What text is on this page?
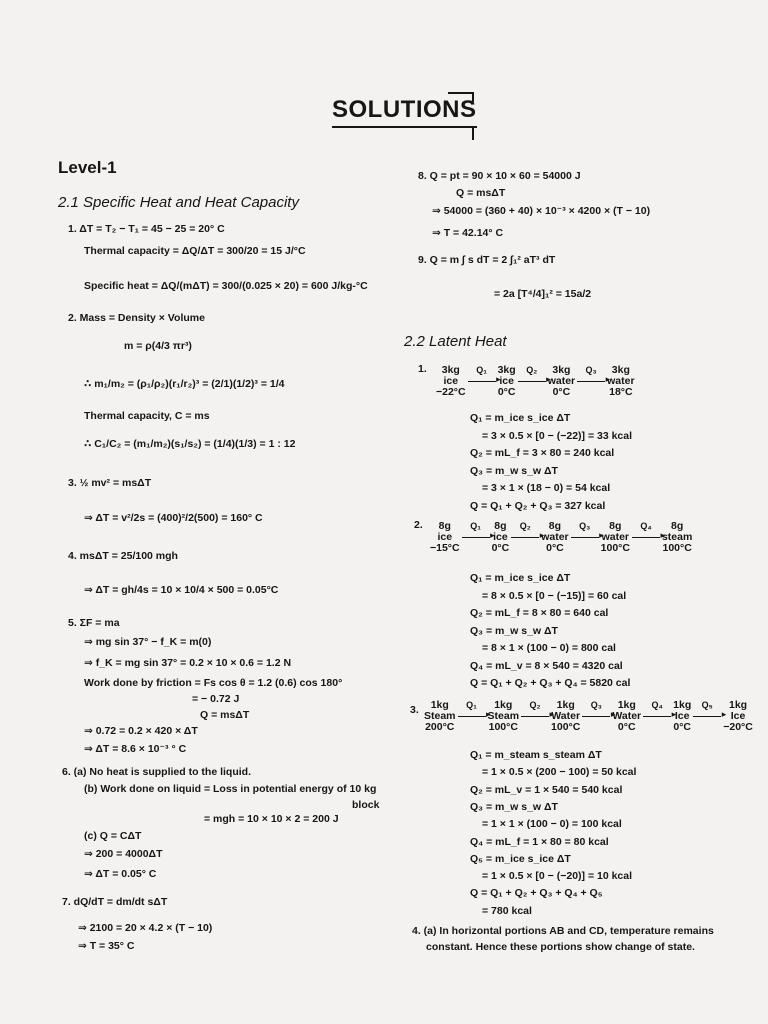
SOLUTIONS
Level-1
2.1 Specific Heat and Heat Capacity
1. ΔT = T₂ − T₁ = 45 − 25 = 20° C
Thermal capacity = ΔQ/ΔT = 300/20 = 15 J/°C
Specific heat = ΔQ/(mΔT) = 300/(0.025 × 20) = 600 J/kg-°C
2. Mass = Density × Volume
m = ρ(4/3 πr³)
∴ m₁/m₂ = (ρ₁/ρ₂)(r₁/r₂)³ = (2/1)(1/2)³ = 1/4
Thermal capacity, C = ms
∴ C₁/C₂ = (m₁/m₂)(s₁/s₂) = (1/4)(1/3) = 1 : 12
3. ½ mv² = msΔT
⇒ ΔT = v²/2s = (400)²/2(500) = 160° C
4. msΔT = 25/100 mgh
⇒ ΔT = gh/4s = 10 × 10/4 × 500 = 0.05°C
5. ΣF = ma
⇒ mg sin 37° − f_K = m(0)
⇒ f_K = mg sin 37° = 0.2 × 10 × 0.6 = 1.2 N
Work done by friction = Fs cos θ = 1.2 (0.6) cos 180°
= − 0.72 J
Q = msΔT
⇒ 0.72 = 0.2 × 420 × ΔT
⇒ ΔT = 8.6 × 10⁻³ ° C
6. (a) No heat is supplied to the liquid.
(b) Work done on liquid = Loss in potential energy of 10 kg
block
= mgh = 10 × 10 × 2 = 200 J
(c) Q = CΔT
⇒ 200 = 4000ΔT
⇒ ΔT = 0.05° C
7. dQ/dT = dm/dt sΔT
⇒ 2100 = 20 × 4.2 × (T − 10)
⇒ T = 35° C
8. Q = pt = 90 × 10 × 60 = 54000 J
Q = msΔT
⇒ 54000 = (360 + 40) × 10⁻³ × 4200 × (T − 10)
⇒ T = 42.14° C
9. Q = m ∫ s dT = 2 ∫₁² aT³ dT
= 2a [T⁴/4]₁² = 15a/2
2.2 Latent Heat
1.	3kg
ice
−22°C
Q₁
▸ 3kg
ice
0°C
Q₂
▸	3kg
water
0°C
Q₃
▸	3kg
water
18°C
Q₁ = m_ice s_ice ΔT
= 3 × 0.5 × [0 − (−22)] = 33 kcal
Q₂ = mL_f = 3 × 80 = 240 kcal
Q₃ = m_w s_w ΔT
= 3 × 1 × (18 − 0) = 54 kcal
Q = Q₁ + Q₂ + Q₃ = 327 kcal
2.	8g
ice
−15°C
Q₁
▸ 8g
ice
0°C
Q₂
▸	8g
water
0°C
Q₃
▸	8g
water
100°C
Q₄
▸	8g
steam
100°C
Q₁ = m_ice s_ice ΔT
= 8 × 0.5 × [0 − (−15)] = 60 cal
Q₂ = mL_f = 8 × 80 = 640 cal
Q₃ = m_w s_w ΔT
= 8 × 1 × (100 − 0) = 800 cal
Q₄ = mL_v = 8 × 540 = 4320 cal
Q = Q₁ + Q₂ + Q₃ + Q₄ = 5820 cal
3.	1kg
Steam
200°C
Q₁
▸	1kg
Steam
100°C
Q₂
▸	1kg
Water
100°C
Q₃
▸	1kg
Water
0°C
Q₄
▸ 1kg
Ice
0°C
Q₅
▸	1kg
Ice
−20°C
Q₁ = m_steam s_steam ΔT
= 1 × 0.5 × (200 − 100) = 50 kcal
Q₂ = mL_v = 1 × 540 = 540 kcal
Q₃ = m_w s_w ΔT
= 1 × 1 × (100 − 0) = 100 kcal
Q₄ = mL_f = 1 × 80 = 80 kcal
Q₅ = m_ice s_ice ΔT
= 1 × 0.5 × [0 − (−20)] = 10 kcal
Q = Q₁ + Q₂ + Q₃ + Q₄ + Q₅
= 780 kcal
4. (a) In horizontal portions AB and CD, temperature remains
constant. Hence these portions show change of state.
